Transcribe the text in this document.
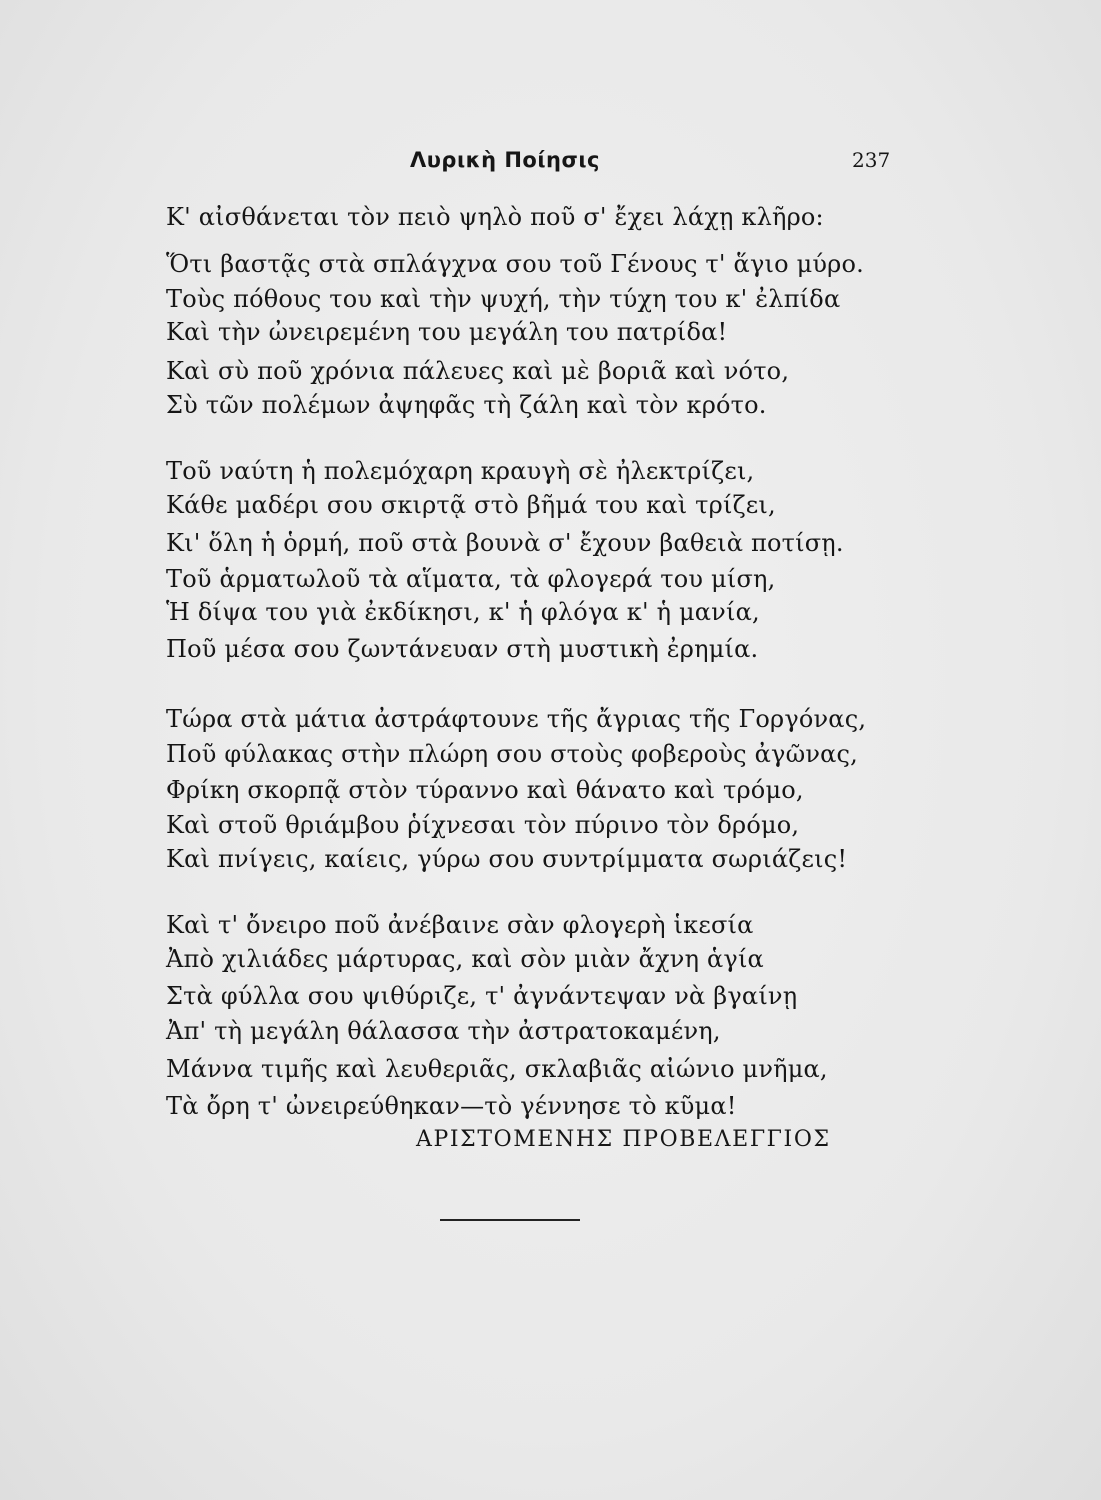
Λυρικὴ Ποίησις	237
Κ' αἰσθάνεται τὸν πειὸ ψηλὸ ποῦ σ' ἔχει λάχῃ κλῆρο:
Ὅτι βαστᾷς στὰ σπλάγχνα σου τοῦ Γένους τ' ἅγιο μύρο.
Τοὺς πόθους του καὶ τὴν ψυχή, τὴν τύχη του κ' ἐλπίδα
Καὶ τὴν ὠνειρεμένη του μεγάλη του πατρίδα!
Καὶ σὺ ποῦ χρόνια πάλευες καὶ μὲ βοριᾶ καὶ νότο,
Σὺ τῶν πολέμων ἀψηφᾶς τὴ ζάλη καὶ τὸν κρότο.
Τοῦ ναύτη ἡ πολεμόχαρη κραυγὴ σὲ ἠλεκτρίζει,
Κάθε μαδέρι σου σκιρτᾷ στὸ βῆμά του καὶ τρίζει,
Κι' ὅλη ἡ ὁρμή, ποῦ στὰ βουνὰ σ' ἔχουν βαθειὰ ποτίσῃ.
Τοῦ ἁρματωλοῦ τὰ αἵματα, τὰ φλογερά του μίση,
Ἡ δίψα του γιὰ ἐκδίκησι, κ' ἡ φλόγα κ' ἡ μανία,
Ποῦ μέσα σου ζωντάνευαν στὴ μυστικὴ ἐρημία.
Τώρα στὰ μάτια ἀστράφτουνε τῆς ἄγριας τῆς Γοργόνας,
Ποῦ φύλακας στὴν πλώρη σου στοὺς φοβεροὺς ἀγῶνας,
Φρίκη σκορπᾷ στὸν τύραννο καὶ θάνατο καὶ τρόμο,
Καὶ στοῦ θριάμβου ῥίχνεσαι τὸν πύρινο τὸν δρόμο,
Καὶ πνίγεις, καίεις, γύρω σου συντρίμματα σωριάζεις!
Καὶ τ' ὄνειρο ποῦ ἀνέβαινε σὰν φλογερὴ ἱκεσία
Ἀπὸ χιλιάδες μάρτυρας, καὶ σὸν μιὰν ἄχνη ἁγία
Στὰ φύλλα σου ψιθύριζε, τ' ἀγνάντεψαν νὰ βγαίνῃ
Ἀπ' τὴ μεγάλη θάλασσα τὴν ἀστρατοκαμένη,
Μάννα τιμῆς καὶ λευθεριᾶς, σκλαβιᾶς αἰώνιο μνῆμα,
Τὰ ὄρη τ' ὠνειρεύθηκαν—τὸ γέννησε τὸ κῦμα!
ΑΡΙΣΤΟΜΕΝΗΣ ΠΡΟΒΕΛΕΓΓΙΟΣ
